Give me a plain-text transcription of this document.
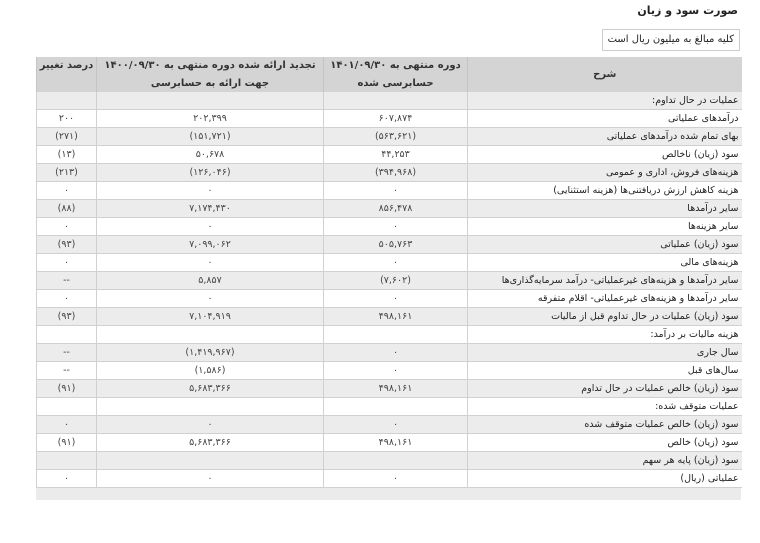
صورت سود و زیان
کلیه مبالغ به میلیون ریال است
شرح	دوره منتهی به ۱۴۰۱/۰۹/۳۰	تجدید ارائه شده دوره منتهی به ۱۴۰۰/۰۹/۳۰	درصد تغییر
	حسابرسی شده	جهت ارائه به حسابرسی	
عملیات در حال تداوم:			
درآمدهای عملیاتی	۶۰۷,۸۷۴	۲۰۲,۳۹۹	۲۰۰
بهای تمام شده درآمدهای عملیاتی	(۵۶۳,۶۲۱)	(۱۵۱,۷۲۱)	(۲۷۱)
سود (زیان) ناخالص	۴۴,۲۵۳	۵۰,۶۷۸	(۱۳)
هزینه‌های فروش، اداری و عمومی	(۳۹۴,۹۶۸)	(۱۲۶,۰۴۶)	(۲۱۳)
هزینه کاهش ارزش دریافتنی‌ها (هزینه استثنایی)	۰	۰	۰
سایر درآمدها	۸۵۶,۴۷۸	۷,۱۷۴,۴۳۰	(۸۸)
سایر هزینه‌ها	۰	۰	۰
سود (زیان) عملیاتی	۵۰۵,۷۶۳	۷,۰۹۹,۰۶۲	(۹۳)
هزینه‌های مالی	۰	۰	۰
سایر درآمدها و هزینه‌های غیرعملیاتی- درآمد سرمایه‌گذاری‌ها	(۷,۶۰۲)	۵,۸۵۷	--
سایر درآمدها و هزینه‌های غیرعملیاتی- اقلام متفرقه	۰	۰	۰
سود (زیان) عملیات در حال تداوم قبل از مالیات	۴۹۸,۱۶۱	۷,۱۰۴,۹۱۹	(۹۳)
هزینه مالیات بر درآمد:			
سال جاری	۰	(۱,۴۱۹,۹۶۷)	--
سال‌های قبل	۰	(۱,۵۸۶)	--
سود (زیان) خالص عملیات در حال تداوم	۴۹۸,۱۶۱	۵,۶۸۳,۳۶۶	(۹۱)
عملیات متوقف شده:			
سود (زیان) خالص عملیات متوقف شده	۰	۰	۰
سود (زیان) خالص	۴۹۸,۱۶۱	۵,۶۸۳,۳۶۶	(۹۱)
سود (زیان) پایه هر سهم			
عملیاتی (ریال)	۰	۰	۰
